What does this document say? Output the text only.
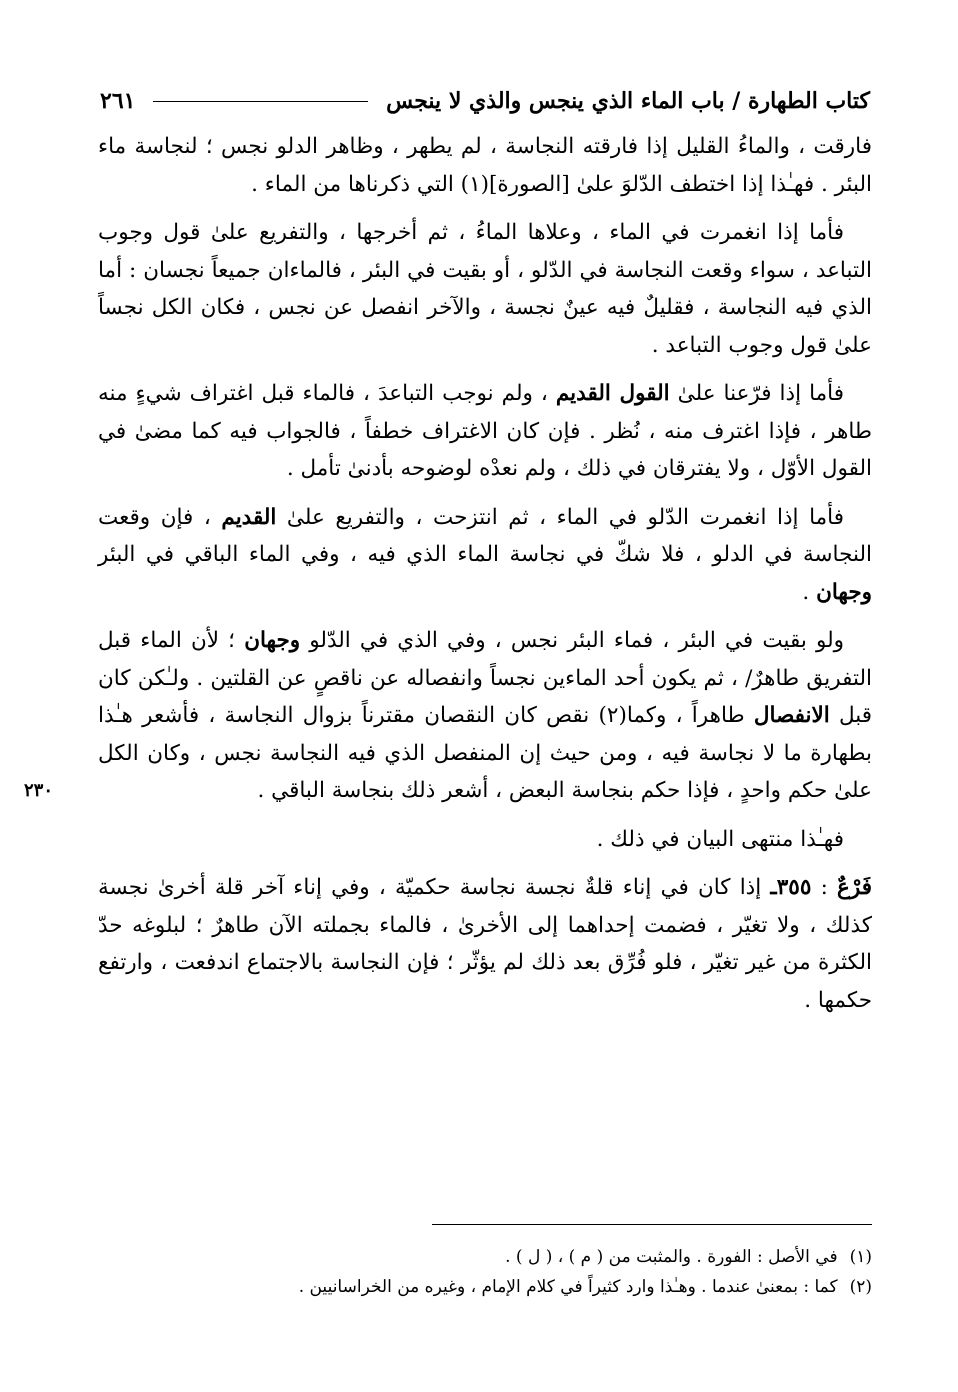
كتاب الطهارة / باب الماء الذي ينجس والذي لا ينجس
٢٦١
٢٣٠

فارقت ، والماءُ القليل إذا فارقته النجاسة ، لم يطهر ، وظاهر الدلو نجس ؛ لنجاسة ماء البئر . فهـٰذا إذا اختطف الدّلوَ علىٰ [الصورة](١) التي ذكرناها من الماء .

فأما إذا انغمرت في الماء ، وعلاها الماءُ ، ثم أخرجها ، والتفريع علىٰ قول وجوب التباعد ، سواء وقعت النجاسة في الدّلو ، أو بقيت في البئر ، فالماءان جميعاً نجسان : أما الذي فيه النجاسة ، فقليلٌ فيه عينٌ نجسة ، والآخر انفصل عن نجس ، فكان الكل نجساً علىٰ قول وجوب التباعد .

فأما إذا فرّعنا علىٰ القول القديم ، ولم نوجب التباعدَ ، فالماء قبل اغتراف شيءٍ منه طاهر ، فإذا اغترف منه ، نُظر . فإن كان الاغتراف خطفاً ، فالجواب فيه كما مضىٰ في القول الأوّل ، ولا يفترقان في ذلك ، ولم نعدْه لوضوحه بأدنىٰ تأمل .

فأما إذا انغمرت الدّلو في الماء ، ثم انتزحت ، والتفريع علىٰ القديم ، فإن وقعت النجاسة في الدلو ، فلا شكّ في نجاسة الماء الذي فيه ، وفي الماء الباقي في البئر وجهان .

ولو بقيت في البئر ، فماء البئر نجس ، وفي الذي في الدّلو وجهان ؛ لأن الماء قبل التفريق طاهرٌ/ ، ثم يكون أحد الماءين نجساً وانفصاله عن ناقصٍ عن القلتين . ولـٰكن كان قبل الانفصال طاهراً ، وكما(٢) نقص كان النقصان مقترناً بزوال النجاسة ، فأشعر هـٰذا بطهارة ما لا نجاسة فيه ، ومن حيث إن المنفصل الذي فيه النجاسة نجس ، وكان الكل علىٰ حكم واحدٍ ، فإذا حكم بنجاسة البعض ، أشعر ذلك بنجاسة الباقي .

فهـٰذا منتهى البيان في ذلك .

فَرْعٌ : ٣٥٥ـ إذا كان في إناء قلةٌ نجسة نجاسة حكميّة ، وفي إناء آخر قلة أخرىٰ نجسة كذلك ، ولا تغيّر ، فضمت إحداهما إلى الأخرىٰ ، فالماء بجملته الآن طاهرٌ ؛ لبلوغه حدّ الكثرة من غير تغيّر ، فلو فُرِّق بعد ذلك لم يؤثّر ؛ فإن النجاسة بالاجتماع اندفعت ، وارتفع حكمها .

(١)في الأصل : الفورة . والمثبت من ( م ) ، ( ل ) .
(٢)كما : بمعنىٰ عندما . وهـٰذا وارد كثيراً في كلام الإمام ، وغيره من الخراسانيين .
